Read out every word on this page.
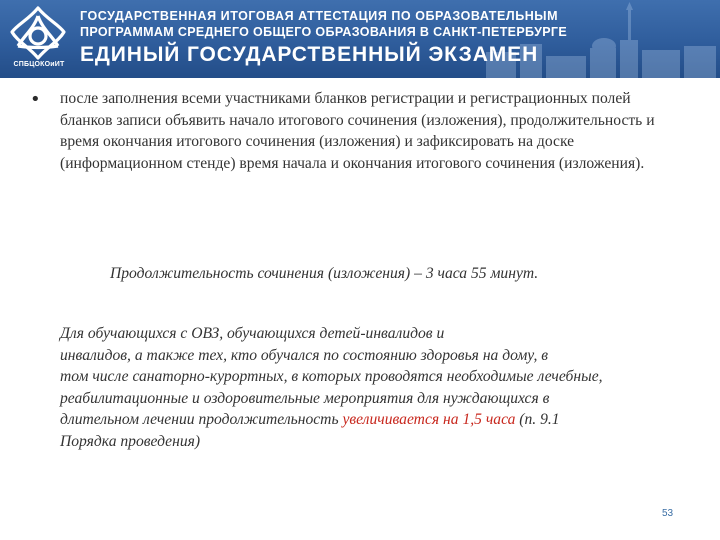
СПБЦОКОиИТ
ГОСУДАРСТВЕННАЯ ИТОГОВАЯ АТТЕСТАЦИЯ ПО ОБРАЗОВАТЕЛЬНЫМ
ПРОГРАММАМ СРЕДНЕГО ОБЩЕГО ОБРАЗОВАНИЯ В САНКТ-ПЕТЕРБУРГЕ
ЕДИНЫЙ ГОСУДАРСТВЕННЫЙ ЭКЗАМЕН
• после заполнения всеми участниками бланков регистрации и регистрационных полей бланков записи объявить начало итогового сочинения (изложения), продолжительность и время окончания итогового сочинения (изложения) и зафиксировать на доске (информационном стенде) время начала и окончания итогового сочинения (изложения).
Продолжительность сочинения (изложения) – 3 часа 55 минут.
Для обучающихся с ОВЗ, обучающихся детей-инвалидов и
инвалидов, а также тех, кто обучался по состоянию здоровья на дому, в
том числе санаторно-курортных, в которых проводятся необходимые лечебные,
реабилитационные и оздоровительные мероприятия для нуждающихся в
длительном лечении продолжительность увеличивается на 1,5 часа (п. 9.1
Порядка проведения)
53
